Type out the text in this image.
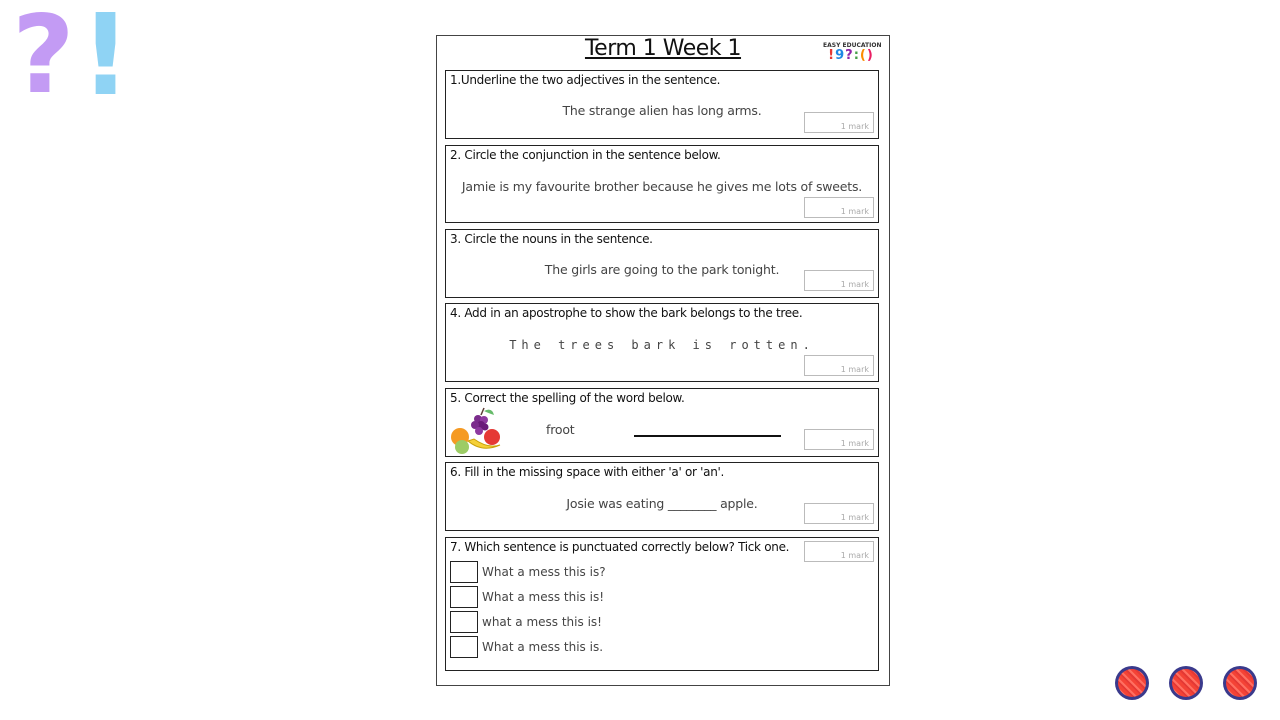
? !	Term 1 Week 1	EASY EDUCATION
!9?:()
1.Underline the two adjectives in the sentence.
The strange alien has long arms.
1 mark
2. Circle the conjunction in the sentence below.
Jamie is my favourite brother because he gives me lots of sweets.
1 mark
3. Circle the nouns in the sentence.
The girls are going to the park tonight.
1 mark
4. Add in an apostrophe to show the bark belongs to the tree.
The trees bark is rotten.
1 mark
5. Correct the spelling of the word below.
froot
1 mark
6. Fill in the missing space with either 'a' or 'an'.
Josie was eating ________ apple.
1 mark
7. Which sentence is punctuated correctly below? Tick one.
1 mark
What a mess this is?
What a mess this is!
what a mess this is!
What a mess this is.
